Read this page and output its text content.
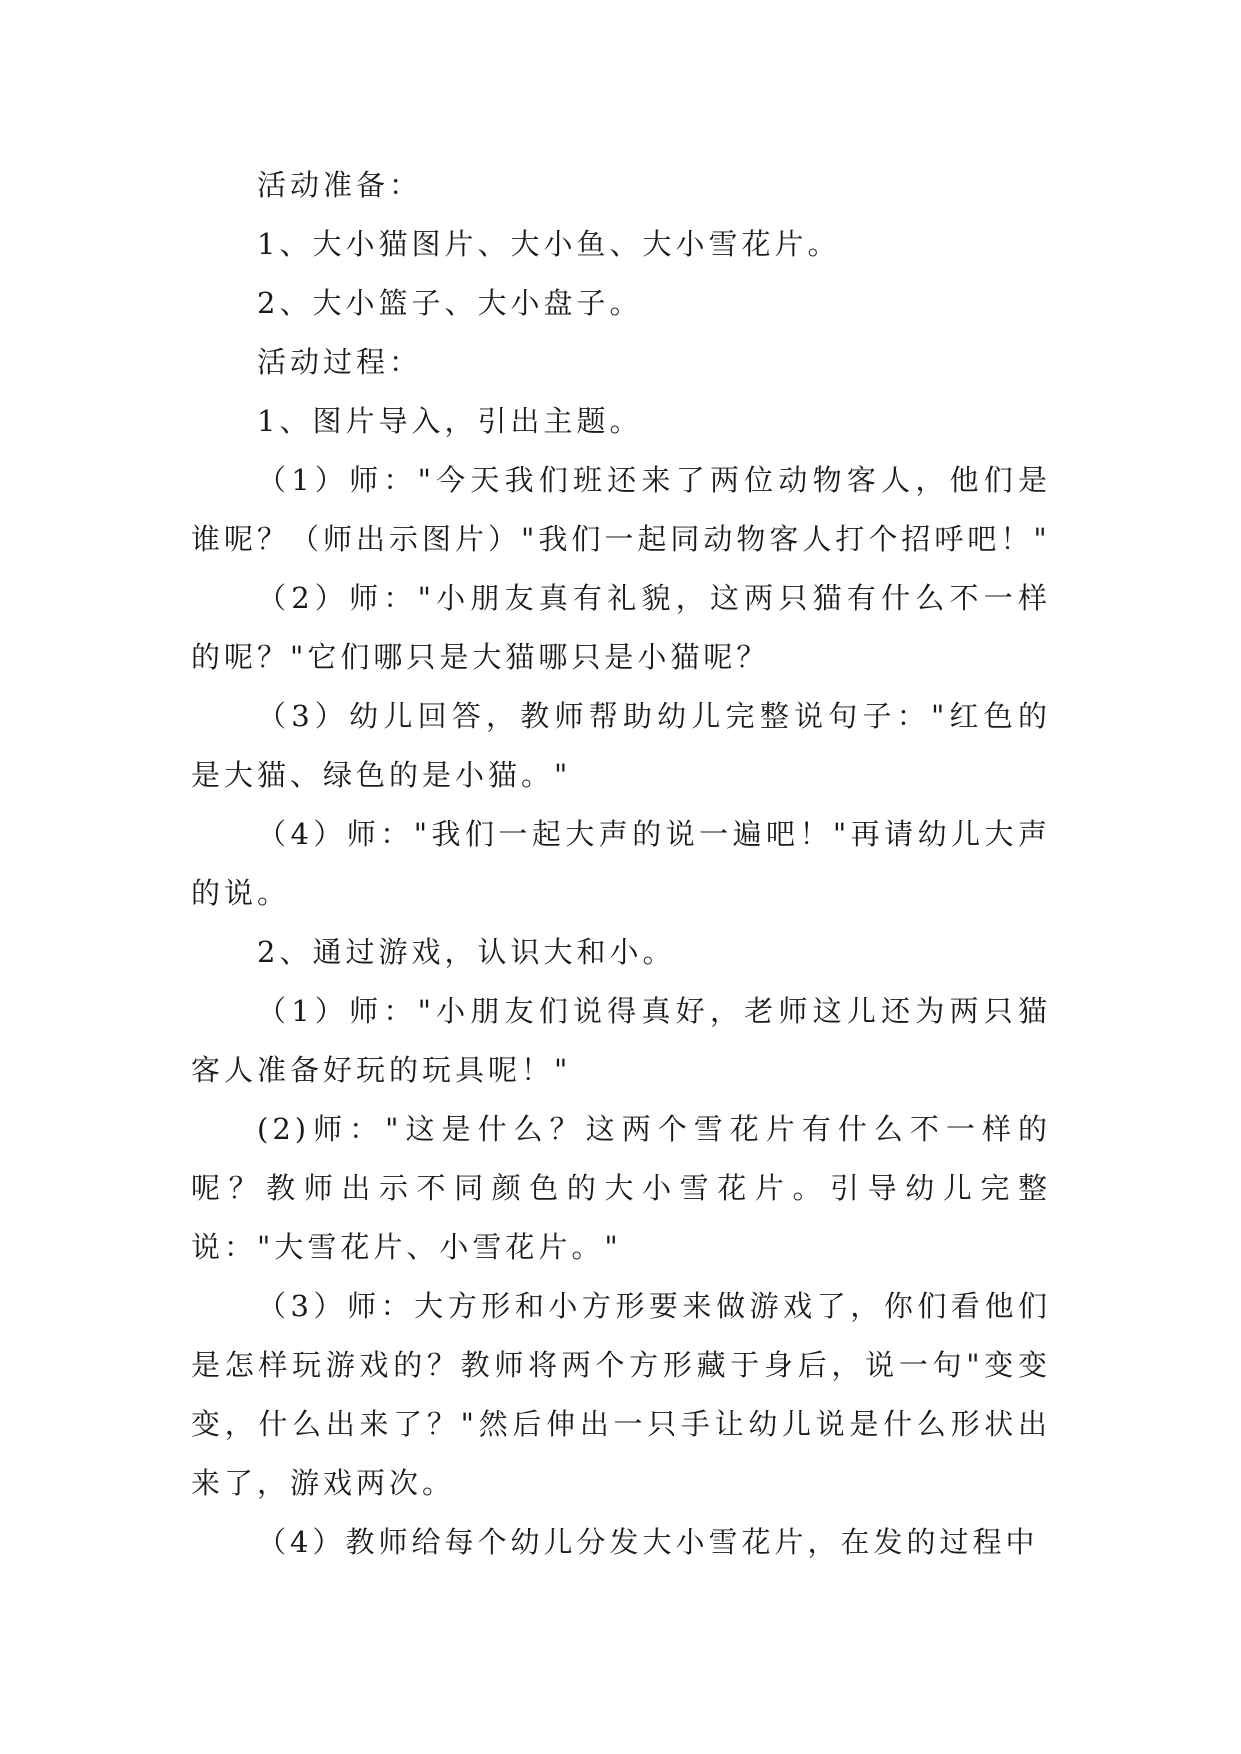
活动准备：

1、大小猫图片、大小鱼、大小雪花片。

2、大小篮子、大小盘子。

活动过程：

1、图片导入，引出主题。

（1）师："今天我们班还来了两位动物客人，他们是谁呢？（师出示图片）"我们一起同动物客人打个招呼吧！"

（2）师："小朋友真有礼貌，这两只猫有什么不一样的呢？"它们哪只是大猫哪只是小猫呢？

（3）幼儿回答，教师帮助幼儿完整说句子："红色的是大猫、绿色的是小猫。"

（4）师："我们一起大声的说一遍吧！"再请幼儿大声的说。

2、通过游戏，认识大和小。

（1）师："小朋友们说得真好，老师这儿还为两只猫客人准备好玩的玩具呢！"

(2)师："这是什么？这两个雪花片有什么不一样的呢？教师出示不同颜色的大小雪花片。引导幼儿完整说："大雪花片、小雪花片。"

（3）师：大方形和小方形要来做游戏了，你们看他们是怎样玩游戏的？教师将两个方形藏于身后，说一句"变变变，什么出来了？"然后伸出一只手让幼儿说是什么形状出来了，游戏两次。

（4）教师给每个幼儿分发大小雪花片，在发的过程中
